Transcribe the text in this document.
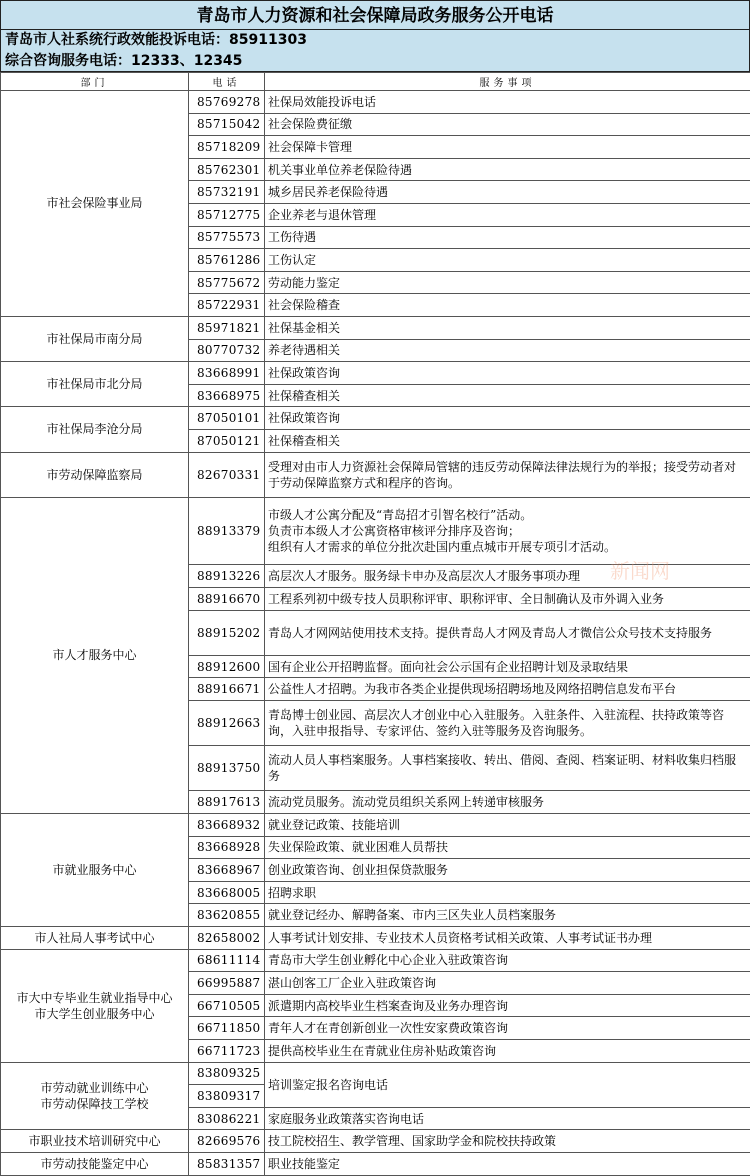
青岛市人力资源和社会保障局政务服务公开电话
青岛市人社系统行政效能投诉电话：85911303
综合咨询服务电话：12333、12345
部门	电话	服务事项
市社会保险事业局	85769278	社保局效能投诉电话
	85715042	社会保险费征缴
	85718209	社会保障卡管理
	85762301	机关事业单位养老保险待遇
	85732191	城乡居民养老保险待遇
	85712775	企业养老与退休管理
	85775573	工伤待遇
	85761286	工伤认定
	85775672	劳动能力鉴定
	85722931	社会保险稽查
市社保局市南分局	85971821	社保基金相关
	80770732	养老待遇相关
市社保局市北分局	83668991	社保政策咨询
	83668975	社保稽查相关
市社保局李沧分局	87050101	社保政策咨询
	87050121	社保稽查相关
市劳动保障监察局	82670331	受理对由市人力资源社会保障局管辖的违反劳动保障法律法规行为的举报；接受劳动者对于劳动保障监察方式和程序的咨询。
市人才服务中心	88913379	市级人才公寓分配及“青岛招才引智名校行”活动。
负责市本级人才公寓资格审核评分排序及咨询；
组织有人才需求的单位分批次赴国内重点城市开展专项引才活动。
	88913226	高层次人才服务。服务绿卡申办及高层次人才服务事项办理
	88916670	工程系列初中级专技人员职称评审、职称评审、全日制确认及市外调入业务
	88915202	青岛人才网网站使用技术支持。提供青岛人才网及青岛人才微信公众号技术支持服务
	88912600	国有企业公开招聘监督。面向社会公示国有企业招聘计划及录取结果
	88916671	公益性人才招聘。为我市各类企业提供现场招聘场地及网络招聘信息发布平台
	88912663	青岛博士创业园、高层次人才创业中心入驻服务。入驻条件、入驻流程、扶持政策等咨询，入驻申报指导、专家评估、签约入驻等服务及咨询服务。
	88913750	流动人员人事档案服务。人事档案接收、转出、借阅、查阅、档案证明、材料收集归档服务
	88917613	流动党员服务。流动党员组织关系网上转递审核服务
市就业服务中心	83668932	就业登记政策、技能培训
	83668928	失业保险政策、就业困难人员帮扶
	83668967	创业政策咨询、创业担保贷款服务
	83668005	招聘求职
	83620855	就业登记经办、解聘备案、市内三区失业人员档案服务
市人社局人事考试中心	82658002	人事考试计划安排、专业技术人员资格考试相关政策、人事考试证书办理
市大中专毕业生就业指导中心
市大学生创业服务中心	68611114	青岛市大学生创业孵化中心企业入驻政策咨询
	66995887	湛山创客工厂企业入驻政策咨询
	66710505	派遣期内高校毕业生档案查询及业务办理咨询
	66711850	青年人才在青创新创业一次性安家费政策咨询
	66711723	提供高校毕业生在青就业住房补贴政策咨询
市劳动就业训练中心
市劳动保障技工学校	83809325	培训鉴定报名咨询电话
	83809317	
	83086221	家庭服务业政策落实咨询电话
市职业技术培训研究中心	82669576	技工院校招生、教学管理、国家助学金和院校扶持政策
市劳动技能鉴定中心	85831357	职业技能鉴定
新闻网
